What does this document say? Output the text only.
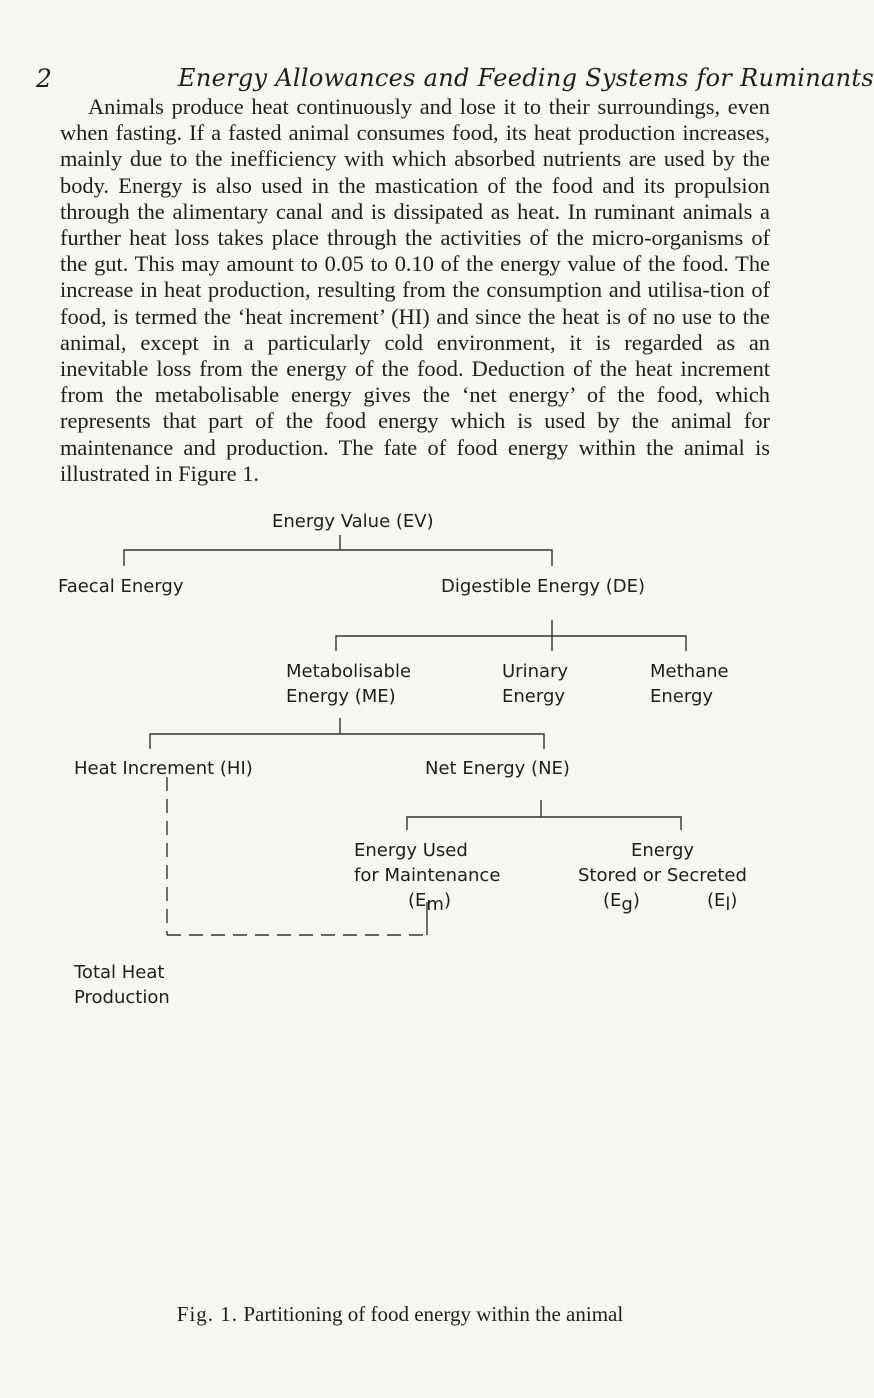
2	Energy Allowances and Feeding Systems for Ruminants

Animals produce heat continuously and lose it to their surroundings, even when fasting. If a fasted animal consumes food, its heat production increases, mainly due to the inefficiency with which absorbed nutrients are used by the body. Energy is also used in the mastication of the food and its propulsion through the alimentary canal and is dissipated as heat. In ruminant animals a further heat loss takes place through the activities of the micro-organisms of the gut. This may amount to 0.05 to 0.10 of the energy value of the food. The increase in heat production, resulting from the consumption and utilisa-tion of food, is termed the ‘heat increment’ (HI) and since the heat is of no use to the animal, except in a particularly cold environment, it is regarded as an inevitable loss from the energy of the food. Deduction of the heat increment from the metabolisable energy gives the ‘net energy’ of the food, which represents that part of the food energy which is used by the animal for maintenance and production. The fate of food energy within the animal is illustrated in Figure 1.

Energy Value (EV)
Faecal Energy	Digestible Energy (DE)
Metabolisable
Energy (ME)
Urinary
Energy
Methane
Energy
Heat Increment (HI)	Net Energy (NE)
Energy Used
for Maintenance
(Em)
Energy
Stored or Secreted
(Eg)	(El)
Total Heat
Production
Fig. 1. Partitioning of food energy within the animal
